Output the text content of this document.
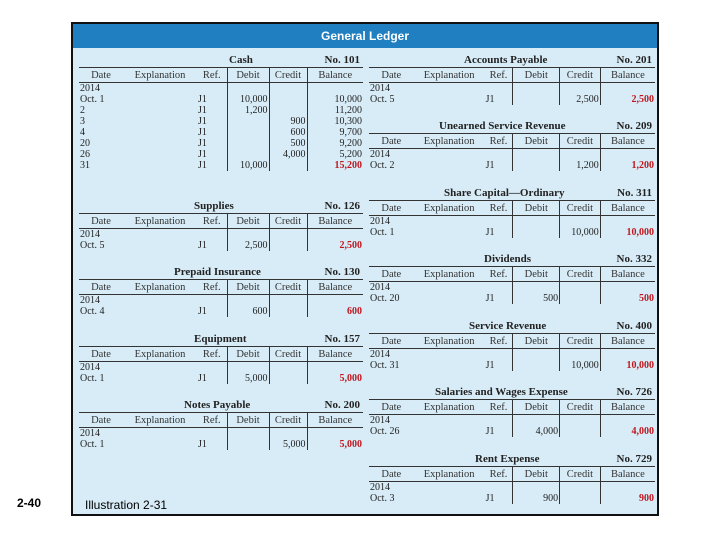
General Ledger
Cash	No. 101
Date	Explanation	Ref.	Debit	Credit	Balance
2014					
Oct. 1		J1	10,000		10,000
2		J1	1,200		11,200
3		J1		900	10,300
4		J1		600	9,700
20		J1		500	9,200
26		J1		4,000	5,200
31		J1	10,000		15,200
Supplies	No. 126
Date	Explanation	Ref.	Debit	Credit	Balance
2014					
Oct. 5		J1	2,500		2,500
Prepaid Insurance	No. 130
Date	Explanation	Ref.	Debit	Credit	Balance
2014					
Oct. 4		J1	600		600
Equipment	No. 157
Date	Explanation	Ref.	Debit	Credit	Balance
2014					
Oct. 1		J1	5,000		5,000
Notes Payable	No. 200
Date	Explanation	Ref.	Debit	Credit	Balance
2014					
Oct. 1		J1		5,000	5,000
Accounts Payable	No. 201
Date	Explanation	Ref.	Debit	Credit	Balance
2014					
Oct. 5		J1		2,500	2,500
Unearned Service Revenue	No. 209
Date	Explanation	Ref.	Debit	Credit	Balance
2014					
Oct. 2		J1		1,200	1,200
Share Capital—Ordinary	No. 311
Date	Explanation	Ref.	Debit	Credit	Balance
2014					
Oct. 1		J1		10,000	10,000
Dividends	No. 332
Date	Explanation	Ref.	Debit	Credit	Balance
2014					
Oct. 20		J1	500		500
Service Revenue	No. 400
Date	Explanation	Ref.	Debit	Credit	Balance
2014					
Oct. 31		J1		10,000	10,000
Salaries and Wages Expense	No. 726
Date	Explanation	Ref.	Debit	Credit	Balance
2014					
Oct. 26		J1	4,000		4,000
Rent Expense	No. 729
Date	Explanation	Ref.	Debit	Credit	Balance
2014					
Oct. 3		J1	900		900
2-40	Illustration 2-31
